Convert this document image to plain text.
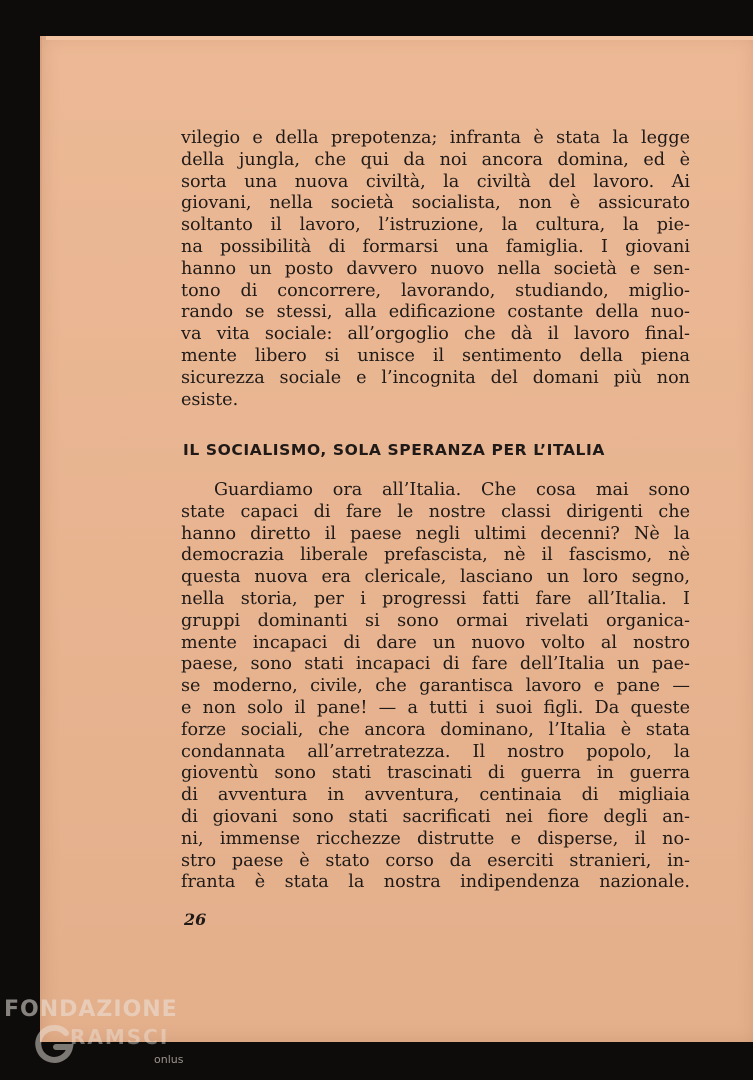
vilegio e della prepotenza; infranta è stata la legge
della jungla, che qui da noi ancora domina, ed è
sorta una nuova civiltà, la civiltà del lavoro. Ai
giovani, nella società socialista, non è assicurato
soltanto il lavoro, l’istruzione, la cultura, la pie-
na possibilità di formarsi una famiglia. I giovani
hanno un posto davvero nuovo nella società e sen-
tono di concorrere, lavorando, studiando, miglio-
rando se stessi, alla edificazione costante della nuo-
va vita sociale: all’orgoglio che dà il lavoro final-
mente libero si unisce il sentimento della piena
sicurezza sociale e l’incognita del domani più non
esiste.
IL SOCIALISMO, SOLA SPERANZA PER L’ITALIA
Guardiamo ora all’Italia. Che cosa mai sono
state capaci di fare le nostre classi dirigenti che
hanno diretto il paese negli ultimi decenni? Nè la
democrazia liberale prefascista, nè il fascismo, nè
questa nuova era clericale, lasciano un loro segno,
nella storia, per i progressi fatti fare all’Italia. I
gruppi dominanti si sono ormai rivelati organica-
mente incapaci di dare un nuovo volto al nostro
paese, sono stati incapaci di fare dell’Italia un pae-
se moderno, civile, che garantisca lavoro e pane —
e non solo il pane! — a tutti i suoi figli. Da queste
forze sociali, che ancora dominano, l’Italia è stata
condannata all’arretratezza. Il nostro popolo, la
gioventù sono stati trascinati di guerra in guerra
di avventura in avventura, centinaia di migliaia
di giovani sono stati sacrificati nei fiore degli an-
ni, immense ricchezze distrutte e disperse, il no-
stro paese è stato corso da eserciti stranieri, in-
franta è stata la nostra indipendenza nazionale.

26

FONDAZIONE
RAMSCI
onlus
